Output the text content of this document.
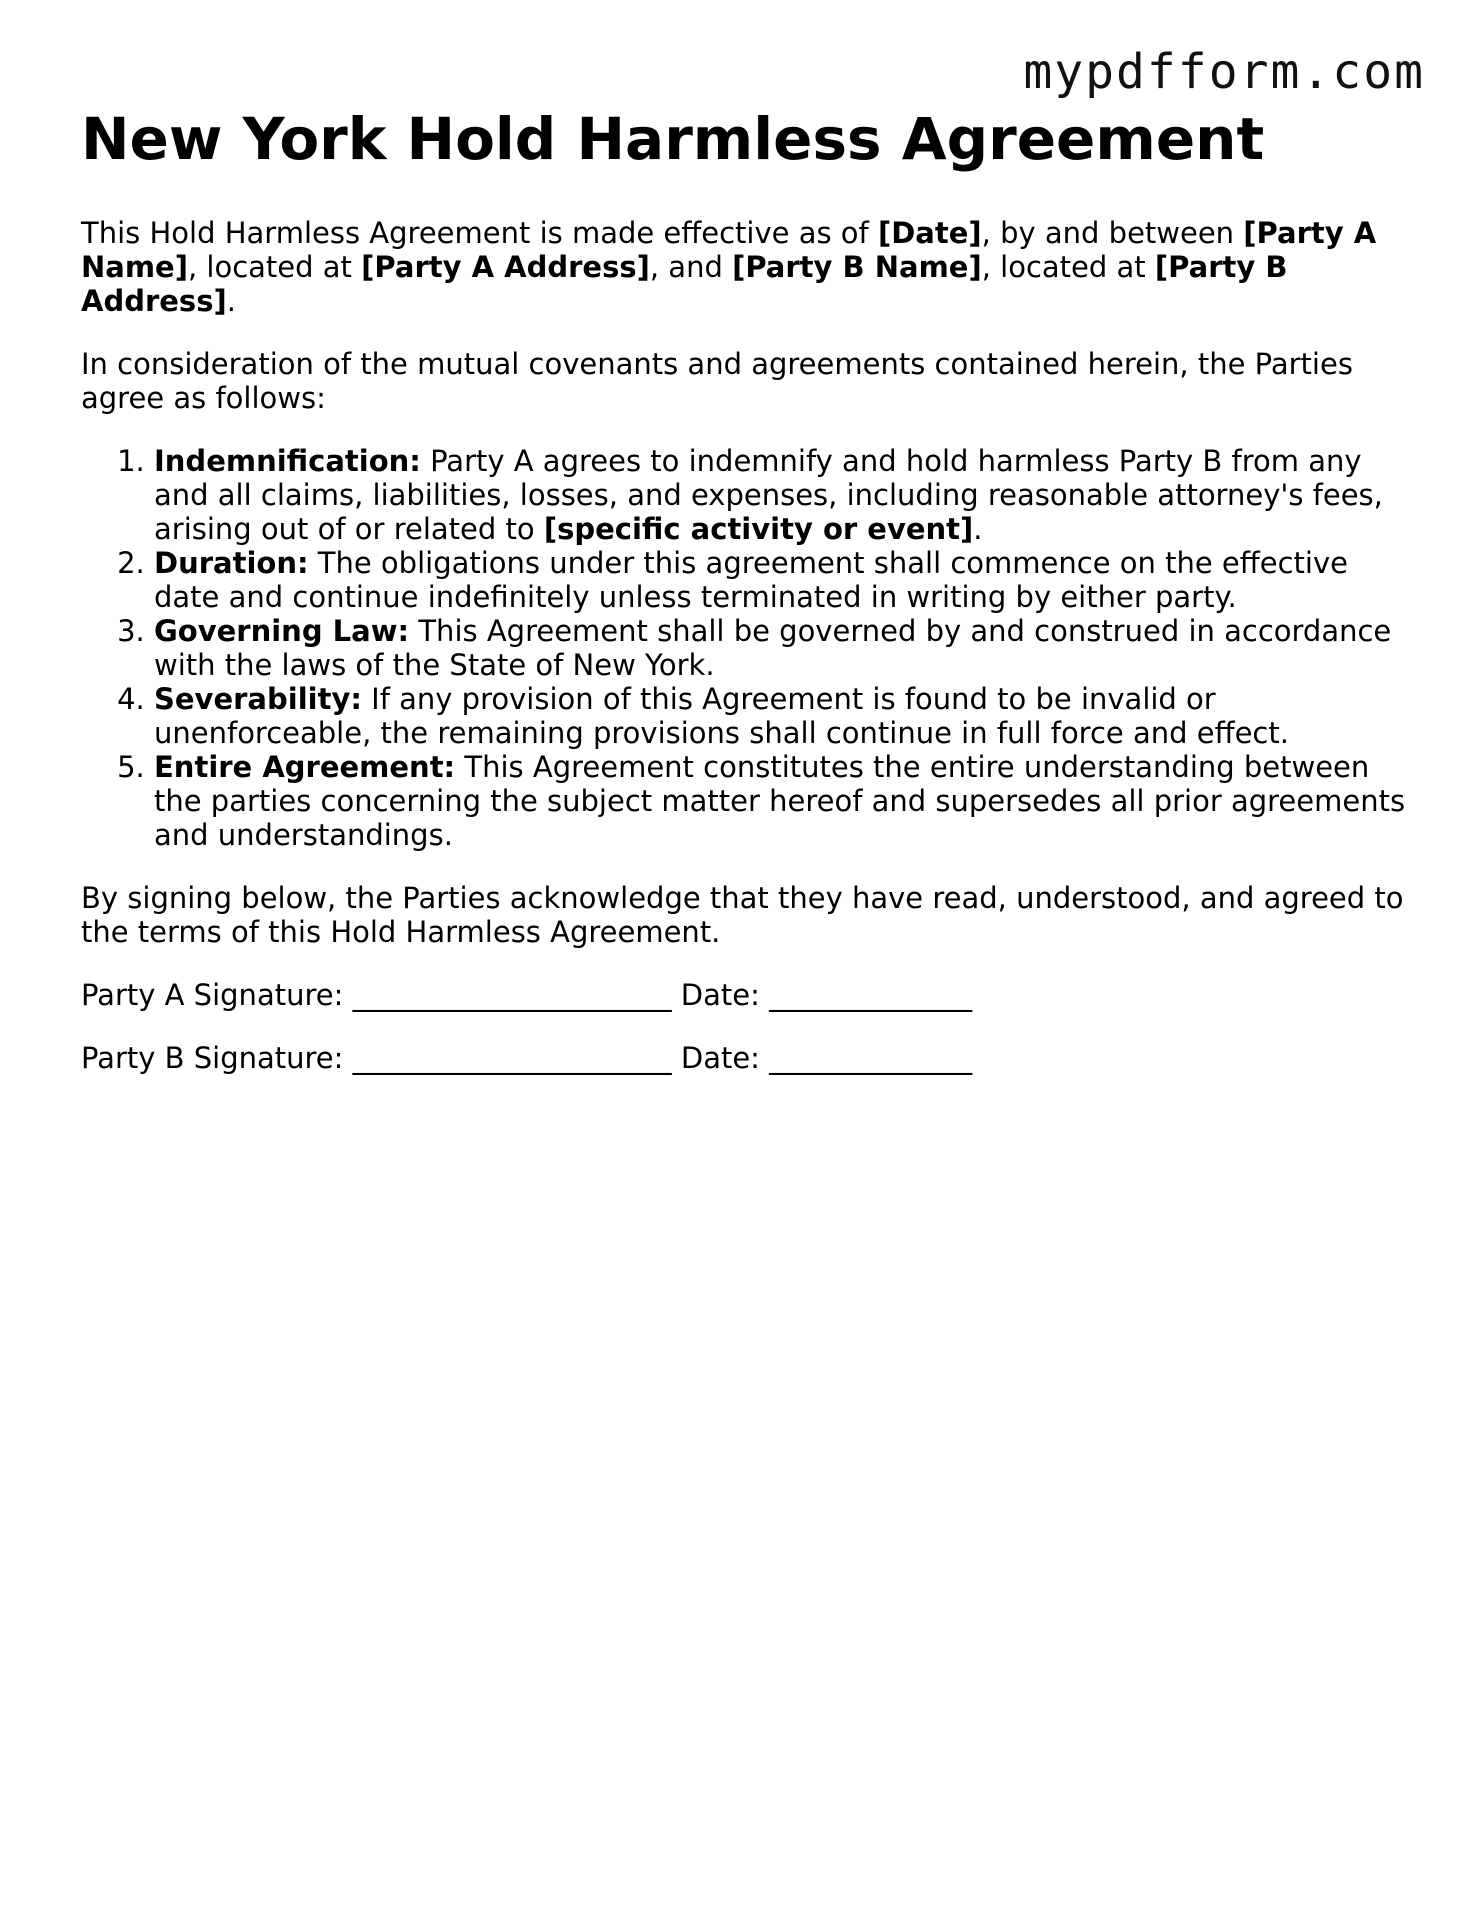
mypdfform.com
New York Hold Harmless Agreement

This Hold Harmless Agreement is made effective as of [Date], by and between [Party A Name], located at [Party A Address], and [Party B Name], located at [Party B Address].

In consideration of the mutual covenants and agreements contained herein, the Parties agree as follows:

1. Indemnification: Party A agrees to indemnify and hold harmless Party B from any and all claims, liabilities, losses, and expenses, including reasonable attorney's fees, arising out of or related to [specific activity or event].
2. Duration: The obligations under this agreement shall commence on the effective date and continue indefinitely unless terminated in writing by either party.
3. Governing Law: This Agreement shall be governed by and construed in accordance with the laws of the State of New York.
4. Severability: If any provision of this Agreement is found to be invalid or unenforceable, the remaining provisions shall continue in full force and effect.
5. Entire Agreement: This Agreement constitutes the entire understanding between the parties concerning the subject matter hereof and supersedes all prior agreements and understandings.

By signing below, the Parties acknowledge that they have read, understood, and agreed to the terms of this Hold Harmless Agreement.

Party A Signature: ______________________ Date: ______________

Party B Signature: ______________________ Date: ______________
